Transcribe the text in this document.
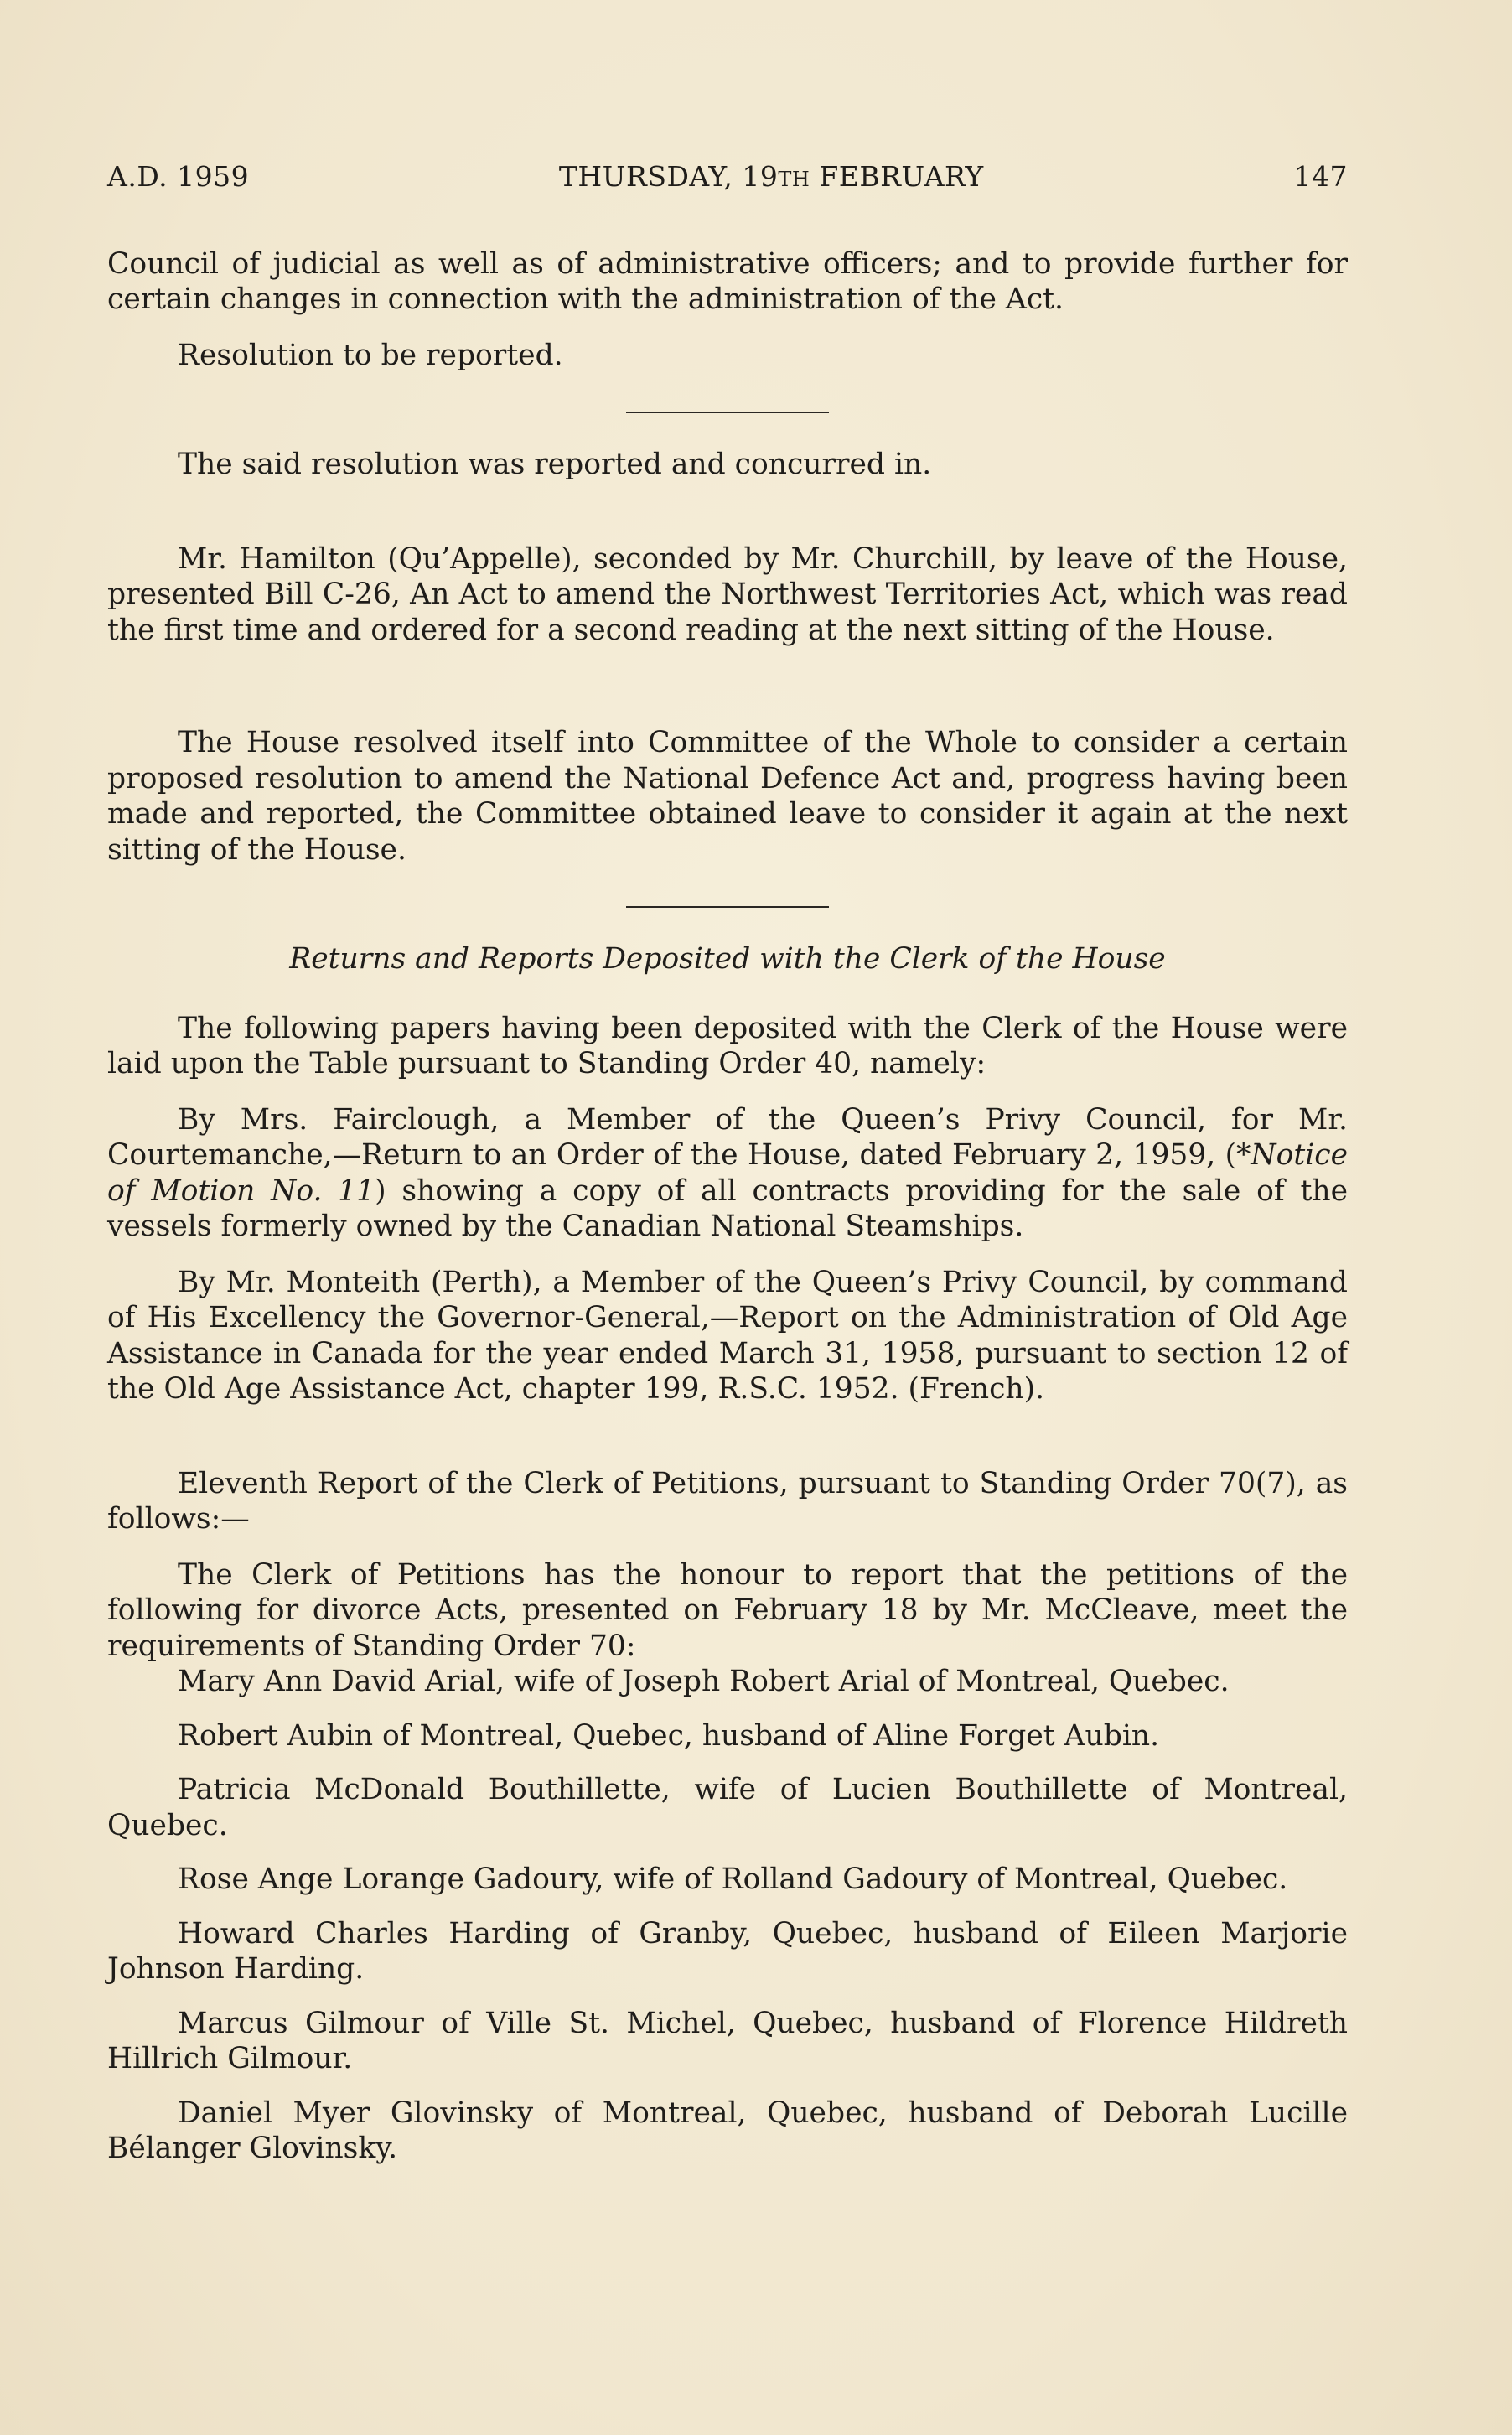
A.D. 1959	THURSDAY, 19TH FEBRUARY	147

Council of judicial as well as of administrative officers; and to provide further for certain changes in connection with the administration of the Act.

Resolution to be reported.

The said resolution was reported and concurred in.

Mr. Hamilton (Qu’Appelle), seconded by Mr. Churchill, by leave of the House, presented Bill C-26, An Act to amend the Northwest Territories Act, which was read the first time and ordered for a second reading at the next sitting of the House.

The House resolved itself into Committee of the Whole to consider a certain proposed resolution to amend the National Defence Act and, progress having been made and reported, the Committee obtained leave to consider it again at the next sitting of the House.

Returns and Reports Deposited with the Clerk of the House

The following papers having been deposited with the Clerk of the House were laid upon the Table pursuant to Standing Order 40, namely:

By Mrs. Fairclough, a Member of the Queen’s Privy Council, for Mr. Courtemanche,—Return to an Order of the House, dated February 2, 1959, (*Notice of Motion No. 11) showing a copy of all contracts providing for the sale of the vessels formerly owned by the Canadian National Steamships.

By Mr. Monteith (Perth), a Member of the Queen’s Privy Council, by command of His Excellency the Governor-General,—Report on the Administration of Old Age Assistance in Canada for the year ended March 31, 1958, pursuant to section 12 of the Old Age Assistance Act, chapter 199, R.S.C. 1952. (French).

Eleventh Report of the Clerk of Petitions, pursuant to Standing Order 70(7), as follows:—

The Clerk of Petitions has the honour to report that the petitions of the following for divorce Acts, presented on February 18 by Mr. McCleave, meet the requirements of Standing Order 70:

Mary Ann David Arial, wife of Joseph Robert Arial of Montreal, Quebec.

Robert Aubin of Montreal, Quebec, husband of Aline Forget Aubin.

Patricia McDonald Bouthillette, wife of Lucien Bouthillette of Montreal, Quebec.

Rose Ange Lorange Gadoury, wife of Rolland Gadoury of Montreal, Quebec.

Howard Charles Harding of Granby, Quebec, husband of Eileen Marjorie Johnson Harding.

Marcus Gilmour of Ville St. Michel, Quebec, husband of Florence Hildreth Hillrich Gilmour.

Daniel Myer Glovinsky of Montreal, Quebec, husband of Deborah Lucille Bélanger Glovinsky.
